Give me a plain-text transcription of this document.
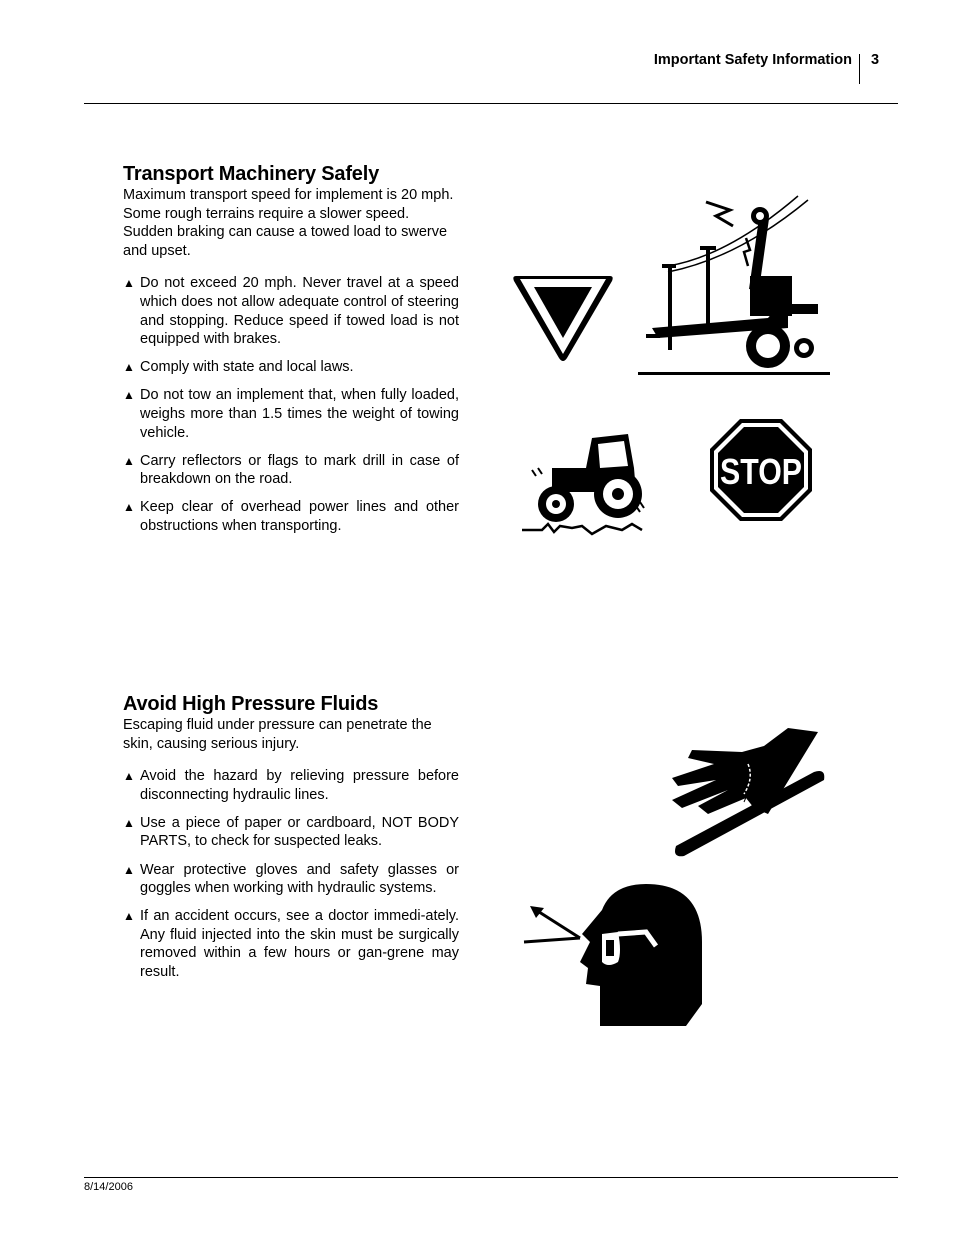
Important Safety Information 3
Transport Machinery Safely

Maximum transport speed for implement is 20 mph. Some rough terrains require a slower speed. Sudden braking can cause a towed load to swerve and upset.

▲ Do not exceed 20 mph. Never travel at a speed which does not allow adequate control of steering and stopping. Reduce speed if towed load is not equipped with brakes.
▲ Comply with state and local laws.
▲ Do not tow an implement that, when fully loaded, weighs more than 1.5 times the weight of towing vehicle.
▲ Carry reflectors or flags to mark drill in case of breakdown on the road.
▲ Keep clear of overhead power lines and other obstructions when transporting.
Avoid High Pressure Fluids

Escaping fluid under pressure can penetrate the skin, causing serious injury.

▲ Avoid the hazard by relieving pressure before disconnecting hydraulic lines.
▲ Use a piece of paper or cardboard, NOT BODY PARTS, to check for suspected leaks.
▲ Wear protective gloves and safety glasses or goggles when working with hydraulic systems.
▲ If an accident occurs, see a doctor immedi-ately. Any fluid injected into the skin must be surgically removed within a few hours or gan-grene may result.
STOP
8/14/2006
